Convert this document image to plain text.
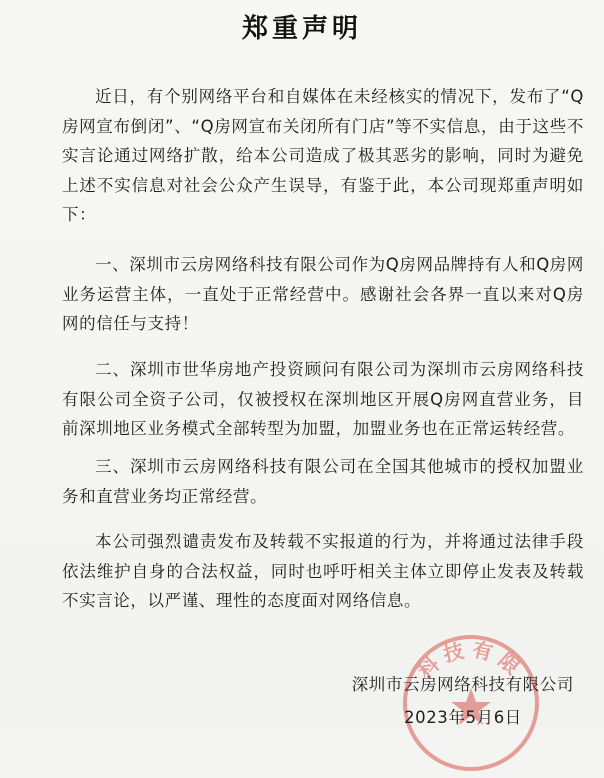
郑重声明

近日，有个别网络平台和自媒体在未经核实的情况下，发布了“Q房网宣布倒闭”、“Q房网宣布关闭所有门店”等不实信息，由于这些不实言论通过网络扩散，给本公司造成了极其恶劣的影响，同时为避免上述不实信息对社会公众产生误导，有鉴于此，本公司现郑重声明如下：

一、深圳市云房网络科技有限公司作为Q房网品牌持有人和Q房网业务运营主体，一直处于正常经营中。感谢社会各界一直以来对Q房网的信任与支持！

二、深圳市世华房地产投资顾问有限公司为深圳市云房网络科技有限公司全资子公司，仅被授权在深圳地区开展Q房网直营业务，目前深圳地区业务模式全部转型为加盟，加盟业务也在正常运转经营。

三、深圳市云房网络科技有限公司在全国其他城市的授权加盟业务和直营业务均正常经营。

本公司强烈谴责发布及转载不实报道的行为，并将通过法律手段依法维护自身的合法权益，同时也呼吁相关主体立即停止发表及转载不实言论，以严谨、理性的态度面对网络信息。

科技有限
深圳市云房网络科技有限公司
2023年5月6日
